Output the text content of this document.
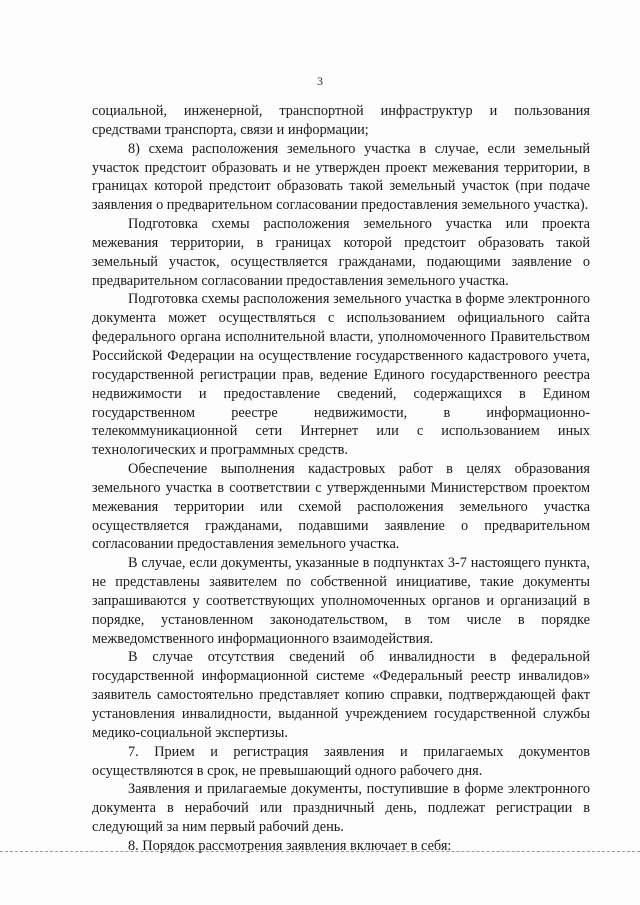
3

социальной, инженерной, транспортной инфраструктур и пользования средствами транспорта, связи и информации;

8) схема расположения земельного участка в случае, если земельный участок предстоит образовать и не утвержден проект межевания территории, в границах которой предстоит образовать такой земельный участок (при подаче заявления о предварительном согласовании предоставления земельного участка).

Подготовка схемы расположения земельного участка или проекта межевания территории, в границах которой предстоит образовать такой земельный участок, осуществляется гражданами, подающими заявление о предварительном согласовании предоставления земельного участка.

Подготовка схемы расположения земельного участка в форме электронного документа может осуществляться с использованием официального сайта федерального органа исполнительной власти, уполномоченного Правительством Российской Федерации на осуществление государственного кадастрового учета, государственной регистрации прав, ведение Единого государственного реестра недвижимости и предоставление сведений, содержащихся в Едином государственном реестре недвижимости, в информационно-телекоммуникационной сети Интернет или с использованием иных технологических и программных средств.

Обеспечение выполнения кадастровых работ в целях образования земельного участка в соответствии с утвержденными Министерством проектом межевания территории или схемой расположения земельного участка осуществляется гражданами, подавшими заявление о предварительном согласовании предоставления земельного участка.

В случае, если документы, указанные в подпунктах 3-7 настоящего пункта, не представлены заявителем по собственной инициативе, такие документы запрашиваются у соответствующих уполномоченных органов и организаций в порядке, установленном законодательством, в том числе в порядке межведомственного информационного взаимодействия.

В случае отсутствия сведений об инвалидности в федеральной государственной информационной системе «Федеральный реестр инвалидов» заявитель самостоятельно представляет копию справки, подтверждающей факт установления инвалидности, выданной учреждением государственной службы медико-социальной экспертизы.

7. Прием и регистрация заявления и прилагаемых документов осуществляются в срок, не превышающий одного рабочего дня.

Заявления и прилагаемые документы, поступившие в форме электронного документа в нерабочий или праздничный день, подлежат регистрации в следующий за ним первый рабочий день.

8. Порядок рассмотрения заявления включает в себя:
